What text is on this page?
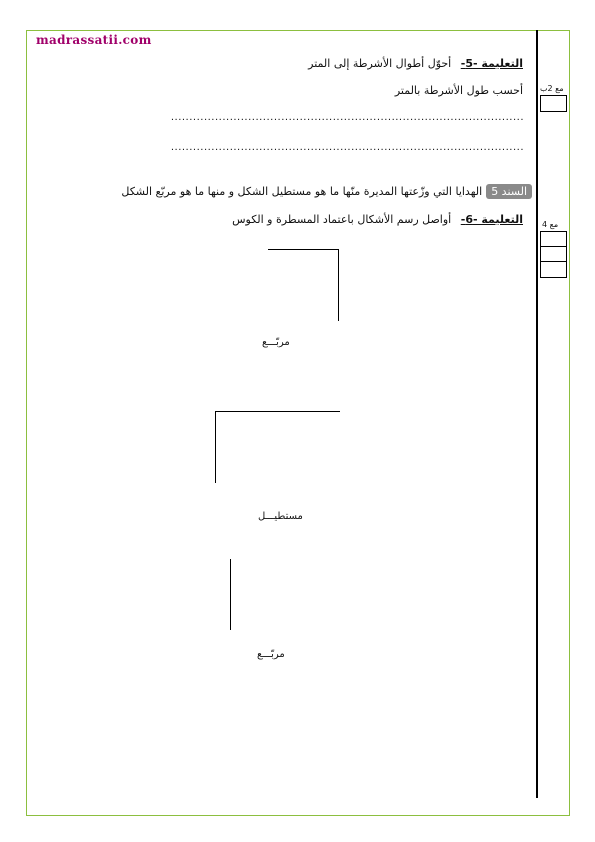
madrassatii.com
التعليمة -5- أحوّل أطوال الأشرطة إلى المتر
أحسب طول الأشرطة بالمتر
................................................................................................
................................................................................................
مع 2ب
السند 5الهدايا التي وزّعتها المديرة منّها ما هو مستطيل الشكل و منها ما هو مربّع الشكل
التعليمة -6- أواصل رسم الأشكال باعتماد المسطرة و الكوس	مع 4
مربّـــع
مستطيـــل
مربّـــع
